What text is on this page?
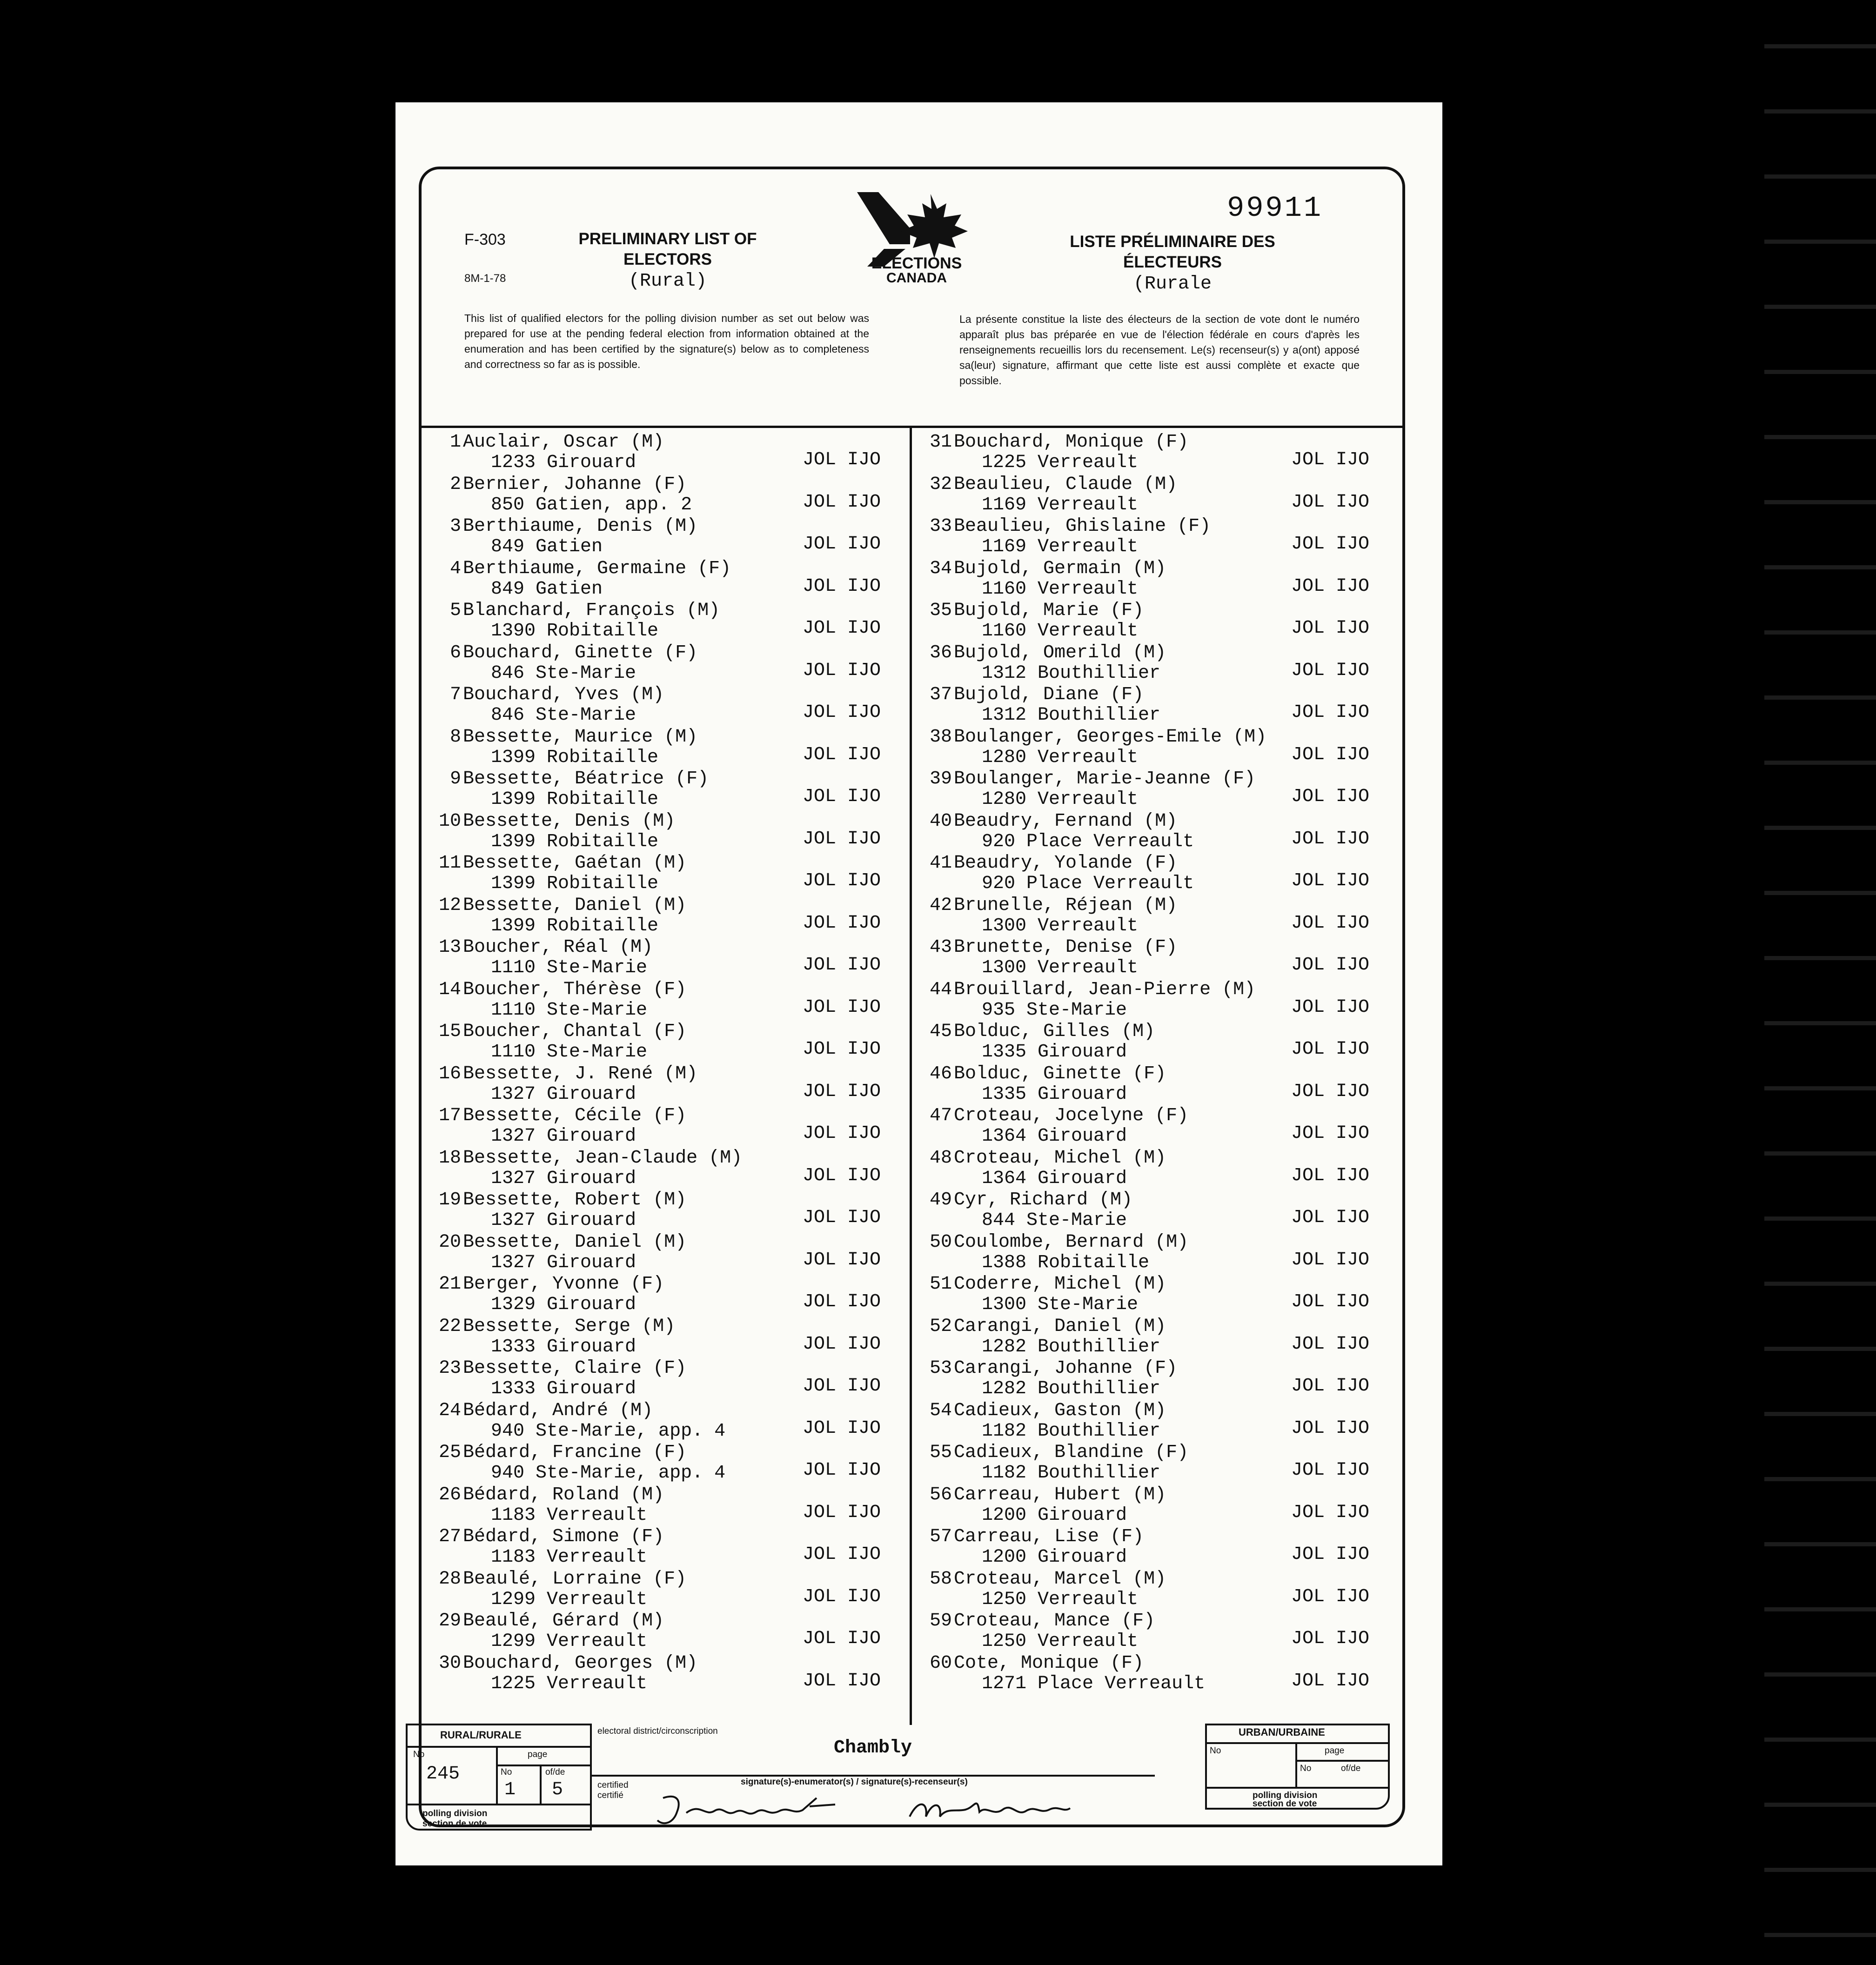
99911
F-303
8M-1-78
PRELIMINARY LIST OF ELECTORS
(Rural)
ELECTIONS
CANADA
LISTE PRÉLIMINAIRE DES ÉLECTEURS
(Rurale
This list of qualified electors for the polling division number as set out below was prepared for use at the pending federal election from information obtained at the enumeration and has been certified by the signature(s) below as to completeness and correctness so far as is possible.
La présente constitue la liste des électeurs de la section de vote dont le numéro apparaît plus bas préparée en vue de l'élection fédérale en cours d'après les renseignements recueillis lors du recensement. Le(s) recenseur(s) y a(ont) apposé sa(leur) signature, affirmant que cette liste est aussi complète et exacte que possible.
1 Auclair, Oscar (M)
1233 Girouard	JOL IJO
2 Bernier, Johanne (F)
850 Gatien, app. 2	JOL IJO
3 Berthiaume, Denis (M)
849 Gatien	JOL IJO
4 Berthiaume, Germaine (F)
849 Gatien	JOL IJO
5 Blanchard, François (M)
1390 Robitaille	JOL IJO
6 Bouchard, Ginette (F)
846 Ste-Marie	JOL IJO
7 Bouchard, Yves (M)
846 Ste-Marie	JOL IJO
8 Bessette, Maurice (M)
1399 Robitaille	JOL IJO
9 Bessette, Béatrice (F)
1399 Robitaille	JOL IJO
10 Bessette, Denis (M)
1399 Robitaille	JOL IJO
11 Bessette, Gaétan (M)
1399 Robitaille	JOL IJO
12 Bessette, Daniel (M)
1399 Robitaille	JOL IJO
13 Boucher, Réal (M)
1110 Ste-Marie	JOL IJO
14 Boucher, Thérèse (F)
1110 Ste-Marie	JOL IJO
15 Boucher, Chantal (F)
1110 Ste-Marie	JOL IJO
16 Bessette, J. René (M)
1327 Girouard	JOL IJO
17 Bessette, Cécile (F)
1327 Girouard	JOL IJO
18 Bessette, Jean-Claude (M)
1327 Girouard	JOL IJO
19 Bessette, Robert (M)
1327 Girouard	JOL IJO
20 Bessette, Daniel (M)
1327 Girouard	JOL IJO
21 Berger, Yvonne (F)
1329 Girouard	JOL IJO
22 Bessette, Serge (M)
1333 Girouard	JOL IJO
23 Bessette, Claire (F)
1333 Girouard	JOL IJO
24 Bédard, André (M)
940 Ste-Marie, app. 4	JOL IJO
25 Bédard, Francine (F)
940 Ste-Marie, app. 4	JOL IJO
26 Bédard, Roland (M)
1183 Verreault	JOL IJO
27 Bédard, Simone (F)
1183 Verreault	JOL IJO
28 Beaulé, Lorraine (F)
1299 Verreault	JOL IJO
29 Beaulé, Gérard (M)
1299 Verreault	JOL IJO
30 Bouchard, Georges (M)
1225 Verreault	JOL IJO
31 Bouchard, Monique (F)
1225 Verreault	JOL IJO
32 Beaulieu, Claude (M)
1169 Verreault	JOL IJO
33 Beaulieu, Ghislaine (F)
1169 Verreault	JOL IJO
34 Bujold, Germain (M)
1160 Verreault	JOL IJO
35 Bujold, Marie (F)
1160 Verreault	JOL IJO
36 Bujold, Omerild (M)
1312 Bouthillier	JOL IJO
37 Bujold, Diane (F)
1312 Bouthillier	JOL IJO
38 Boulanger, Georges-Emile (M)
1280 Verreault	JOL IJO
39 Boulanger, Marie-Jeanne (F)
1280 Verreault	JOL IJO
40 Beaudry, Fernand (M)
920 Place Verreault	JOL IJO
41 Beaudry, Yolande (F)
920 Place Verreault	JOL IJO
42 Brunelle, Réjean (M)
1300 Verreault	JOL IJO
43 Brunette, Denise (F)
1300 Verreault	JOL IJO
44 Brouillard, Jean-Pierre (M)
935 Ste-Marie	JOL IJO
45 Bolduc, Gilles (M)
1335 Girouard	JOL IJO
46 Bolduc, Ginette (F)
1335 Girouard	JOL IJO
47 Croteau, Jocelyne (F)
1364 Girouard	JOL IJO
48 Croteau, Michel (M)
1364 Girouard	JOL IJO
49 Cyr, Richard (M)
844 Ste-Marie	JOL IJO
50 Coulombe, Bernard (M)
1388 Robitaille	JOL IJO
51 Coderre, Michel (M)
1300 Ste-Marie	JOL IJO
52 Carangi, Daniel (M)
1282 Bouthillier	JOL IJO
53 Carangi, Johanne (F)
1282 Bouthillier	JOL IJO
54 Cadieux, Gaston (M)
1182 Bouthillier	JOL IJO
55 Cadieux, Blandine (F)
1182 Bouthillier	JOL IJO
56 Carreau, Hubert (M)
1200 Girouard	JOL IJO
57 Carreau, Lise (F)
1200 Girouard	JOL IJO
58 Croteau, Marcel (M)
1250 Verreault	JOL IJO
59 Croteau, Mance (F)
1250 Verreault	JOL IJO
60 Cote, Monique (F)
1271 Place Verreault	JOL IJO
RURAL/RURALE
No
245
page
No	of/de
1 5
polling division
section de vote
electoral district/circonscription
Chambly
certified
certifié
signature(s)-enumerator(s) / signature(s)-recenseur(s)
URBAN/URBAINE
No	page
No	of/de
polling division
section de vote
